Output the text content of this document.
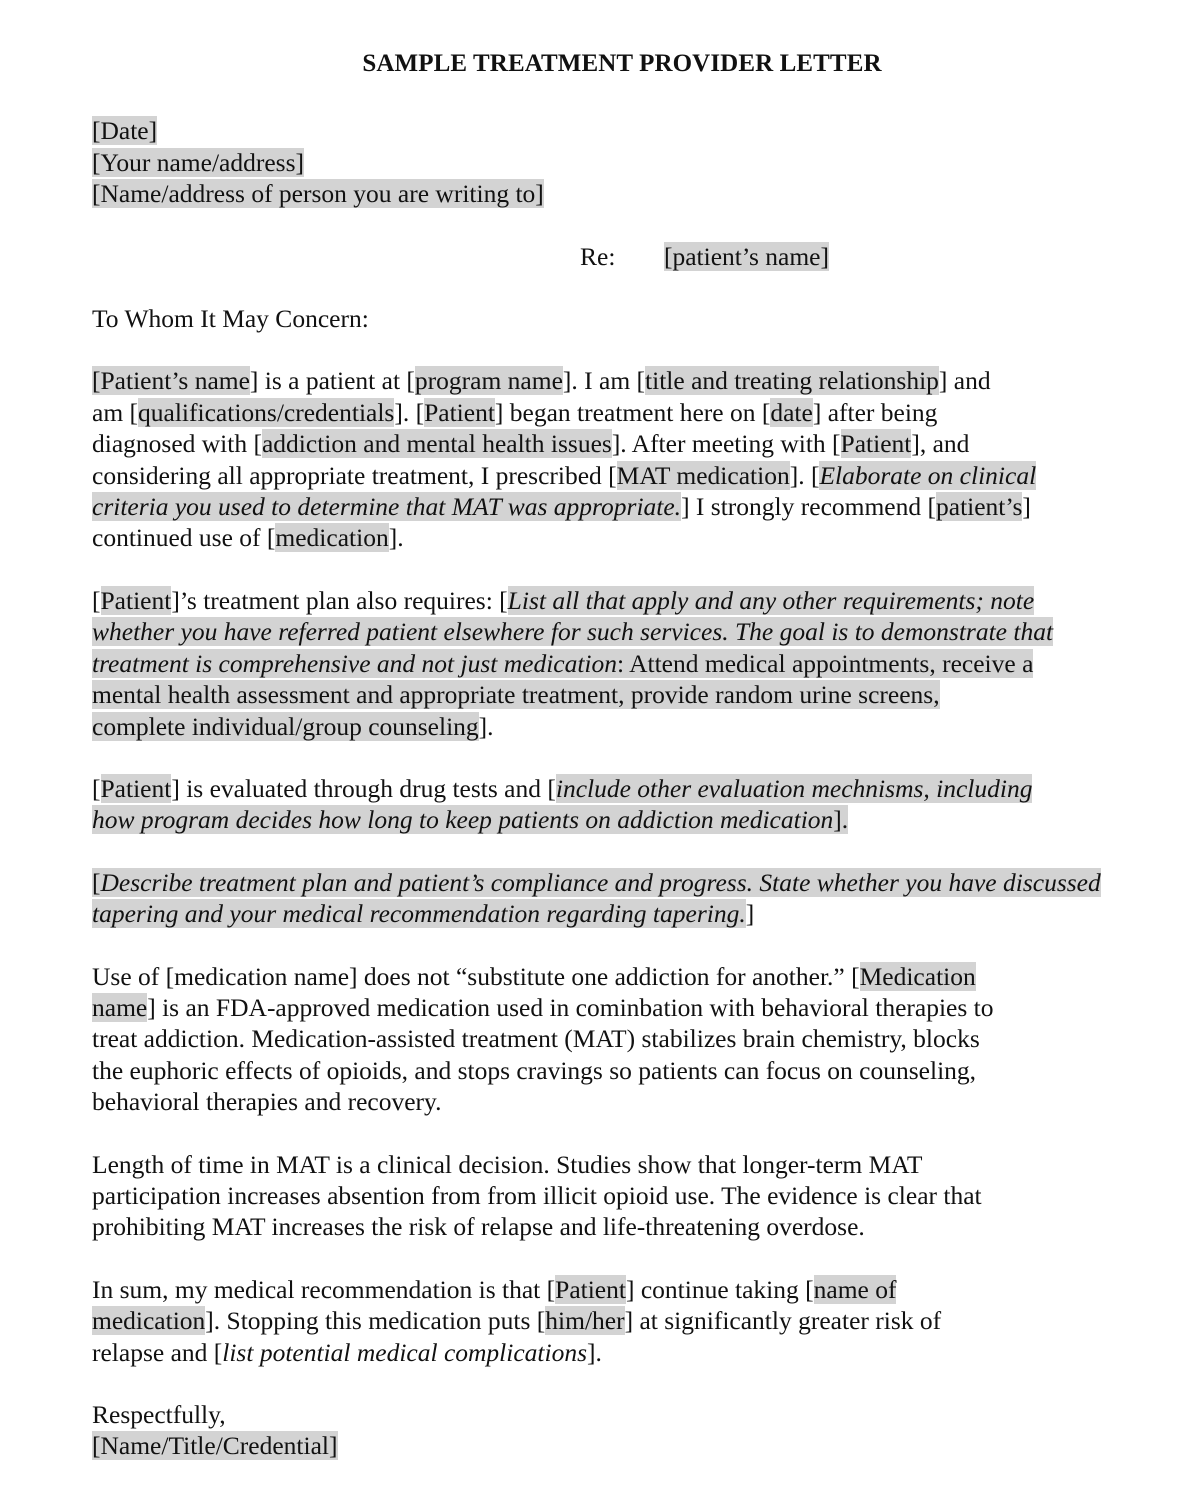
SAMPLE TREATMENT PROVIDER LETTER
[Date]
[Your name/address]
[Name/address of person you are writing to]
Re: [patient’s name]

To Whom It May Concern:

[Patient’s name] is a patient at [program name]. I am [title and treating relationship] and
am [qualifications/credentials]. [Patient] began treatment here on [date] after being
diagnosed with [addiction and mental health issues]. After meeting with [Patient], and
considering all appropriate treatment, I prescribed [MAT medication]. [Elaborate on clinical
criteria you used to determine that MAT was appropriate.] I strongly recommend [patient’s]
continued use of [medication].

[Patient]’s treatment plan also requires: [List all that apply and any other requirements; note
whether you have referred patient elsewhere for such services. The goal is to demonstrate that
treatment is comprehensive and not just medication: Attend medical appointments, receive a
mental health assessment and appropriate treatment, provide random urine screens,
complete individual/group counseling].

[Patient] is evaluated through drug tests and [include other evaluation mechnisms, including
how program decides how long to keep patients on addiction medication].

[Describe treatment plan and patient’s compliance and progress. State whether you have discussed
tapering and your medical recommendation regarding tapering.]

Use of [medication name] does not “substitute one addiction for another.” [Medication
name] is an FDA-approved medication used in cominbation with behavioral therapies to
treat addiction. Medication-assisted treatment (MAT) stabilizes brain chemistry, blocks
the euphoric effects of opioids, and stops cravings so patients can focus on counseling,
behavioral therapies and recovery.

Length of time in MAT is a clinical decision. Studies show that longer-term MAT
participation increases absention from from illicit opioid use. The evidence is clear that
prohibiting MAT increases the risk of relapse and life-threatening overdose.

In sum, my medical recommendation is that [Patient] continue taking [name of
medication]. Stopping this medication puts [him/her] at significantly greater risk of
relapse and [list potential medical complications].

Respectfully,
[Name/Title/Credential]
